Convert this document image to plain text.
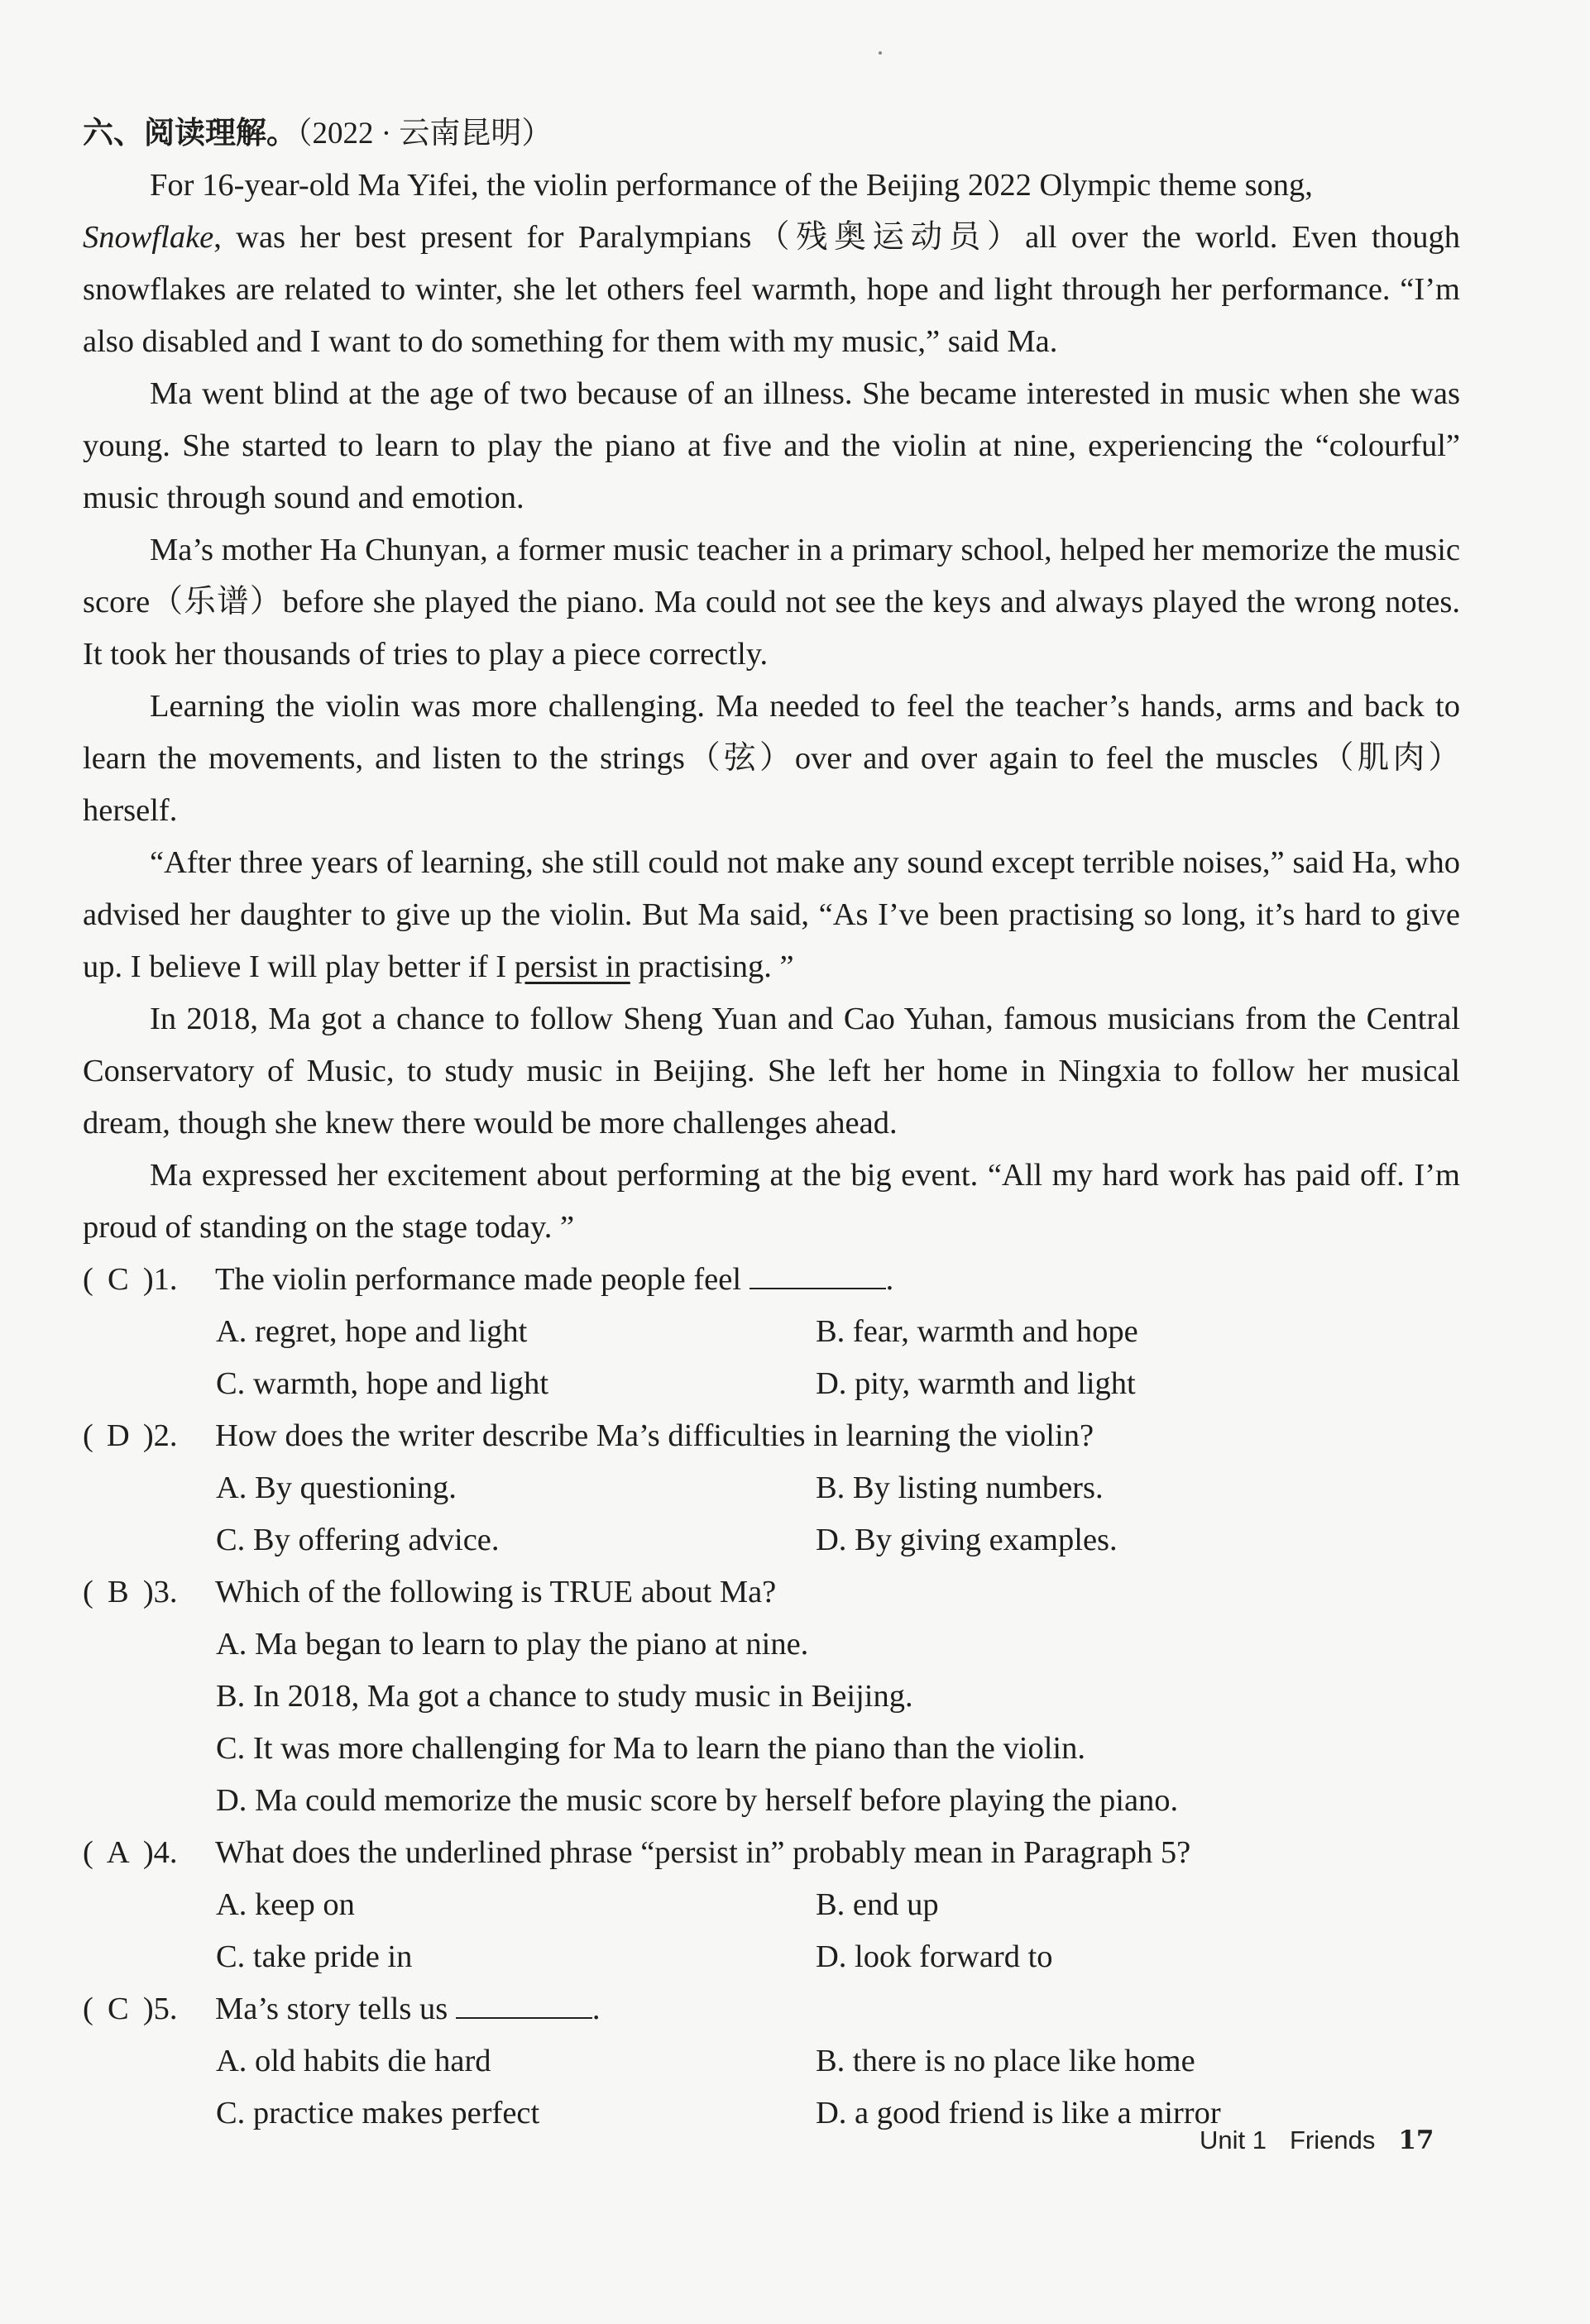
六、阅读理解。（2022 · 云南昆明）

For 16-year-old Ma Yifei, the violin performance of the Beijing 2022 Olympic theme song,
Snowflake, was her best present for Paralympians（残奥运动员）all over the world. Even though snowflakes are related to winter, she let others feel warmth, hope and light through her performance. “I’m also disabled and I want to do something for them with my music,” said Ma.

Ma went blind at the age of two because of an illness. She became interested in music when she was young. She started to learn to play the piano at five and the violin at nine, experiencing the “colourful” music through sound and emotion.

Ma’s mother Ha Chunyan, a former music teacher in a primary school, helped her memorize the music score（乐谱）before she played the piano. Ma could not see the keys and always played the wrong notes. It took her thousands of tries to play a piece correctly.

Learning the violin was more challenging. Ma needed to feel the teacher’s hands, arms and back to learn the movements, and listen to the strings（弦）over and over again to feel the muscles（肌肉）herself.

“After three years of learning, she still could not make any sound except terrible noises,” said Ha, who advised her daughter to give up the violin. But Ma said, “As I’ve been practising so long, it’s hard to give up. I believe I will play better if I persist in practising. ”

In 2018, Ma got a chance to follow Sheng Yuan and Cao Yuhan, famous musicians from the Central Conservatory of Music, to study music in Beijing. She left her home in Ningxia to follow her musical dream, though she knew there would be more challenges ahead.

Ma expressed her excitement about performing at the big event. “All my hard work has paid off. I’m proud of standing on the stage today. ”

( C )1. The violin performance made people feel	.
A. regret, hope and light	B. fear, warmth and hope
C. warmth, hope and light	D. pity, warmth and light
( D )2. How does the writer describe Ma’s difficulties in learning the violin?
A. By questioning.	B. By listing numbers.
C. By offering advice.	D. By giving examples.
( B )3. Which of the following is TRUE about Ma?
A. Ma began to learn to play the piano at nine.
B. In 2018, Ma got a chance to study music in Beijing.
C. It was more challenging for Ma to learn the piano than the violin.
D. Ma could memorize the music score by herself before playing the piano.
( A )4. What does the underlined phrase “persist in” probably mean in Paragraph 5?
A. keep on	B. end up
C. take pride in	D. look forward to
( C )5. Ma’s story tells us	.
A. old habits die hard	B. there is no place like home
C. practice makes perfect	D. a good friend is like a mirror
Unit 1 Friends 17
